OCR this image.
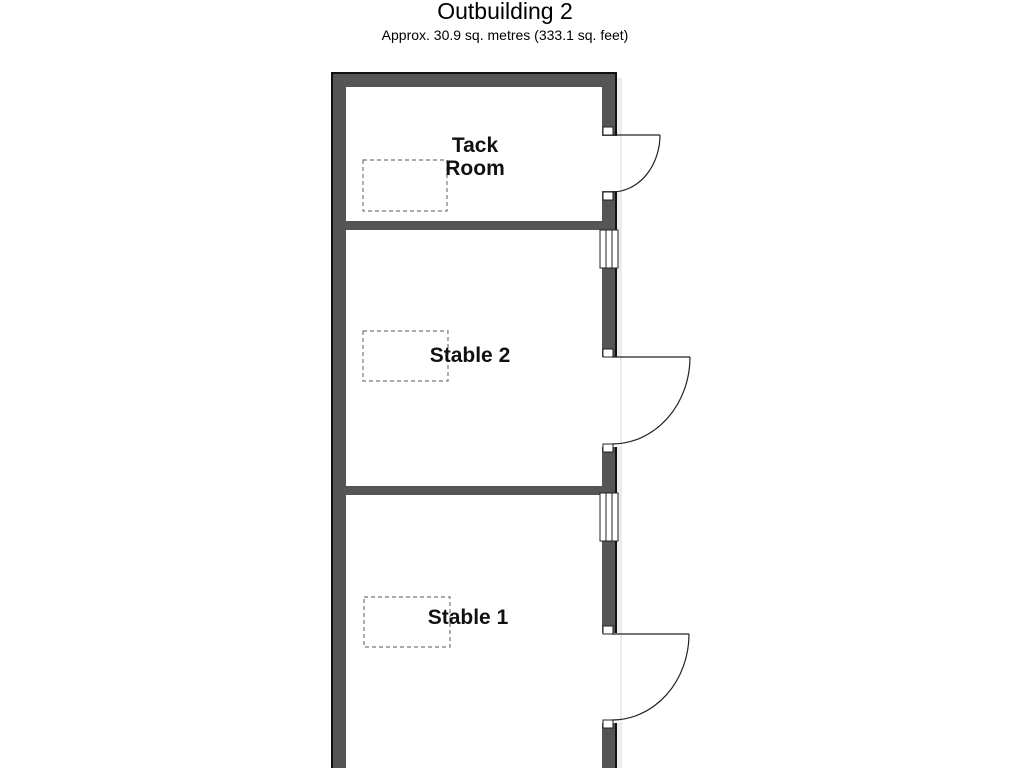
Outbuilding 2
Approx. 30.9 sq. metres (333.1 sq. feet)
Tack
Room
Stable 2
Stable 1
